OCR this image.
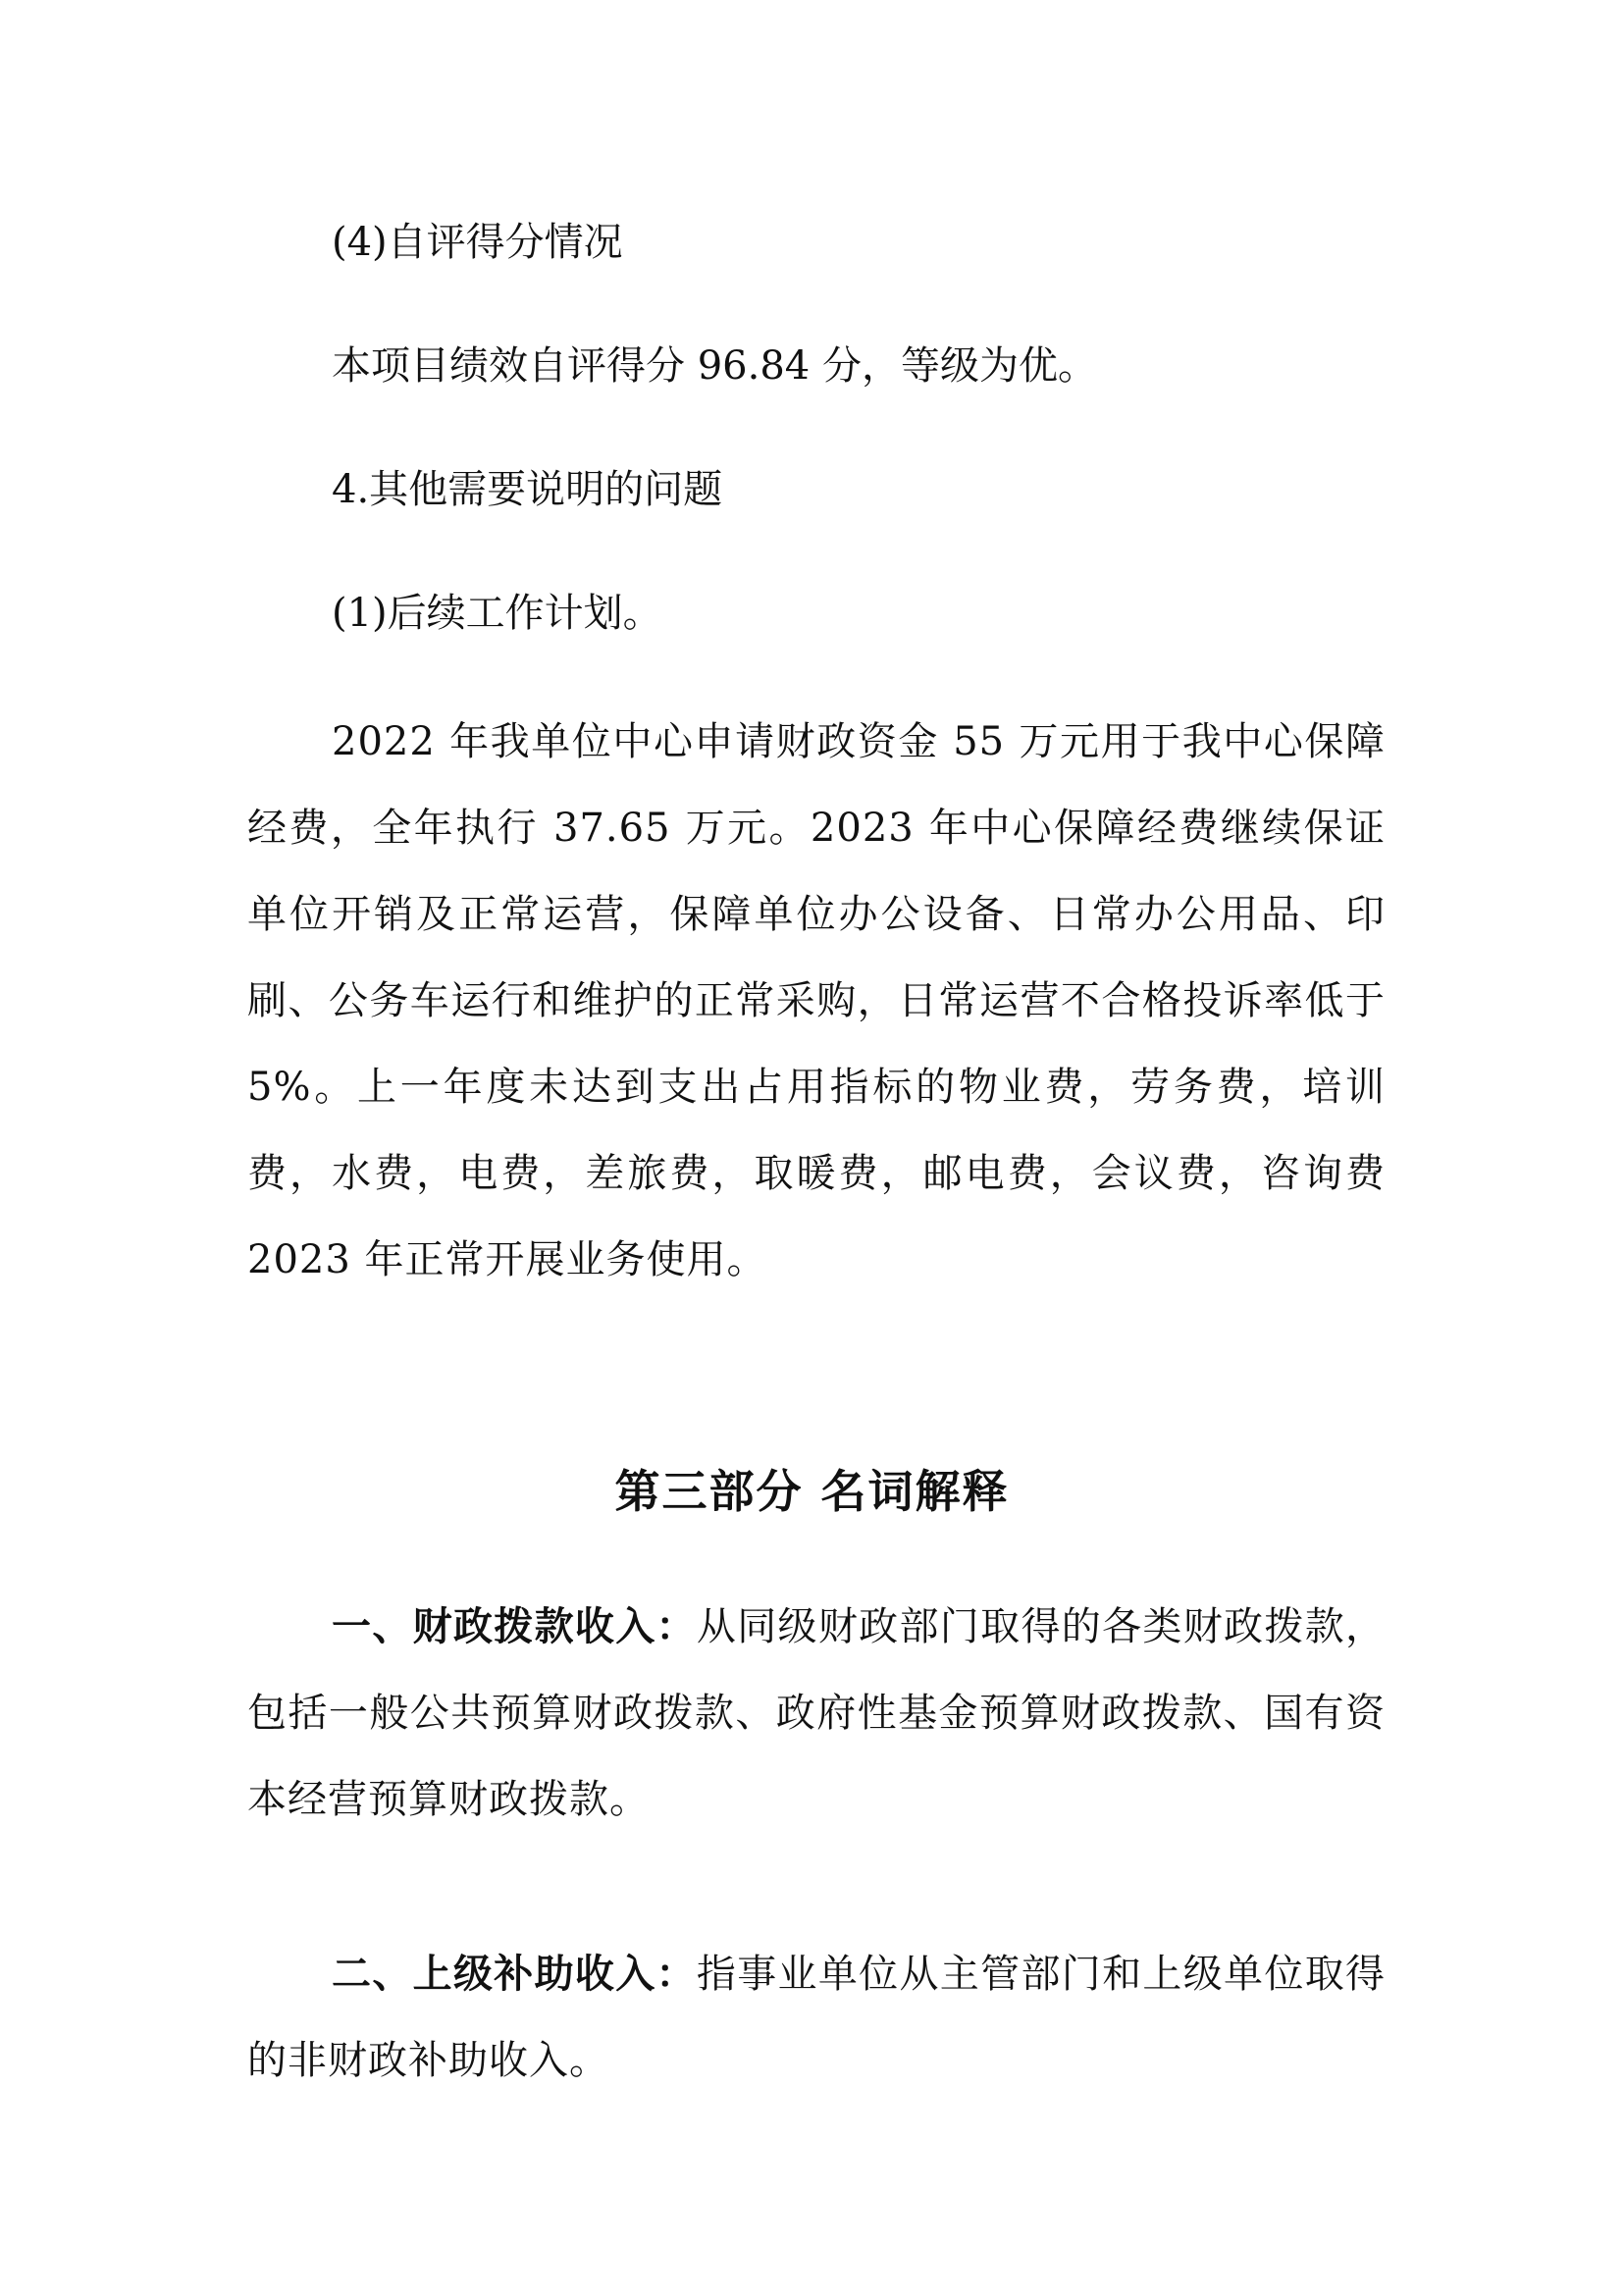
(4)自评得分情况
本项目绩效自评得分 96.84 分，等级为优。
4.其他需要说明的问题
(1)后续工作计划。
2022 年我单位中心申请财政资金 55 万元用于我中心保障经费，全年执行 37.65 万元。2023 年中心保障经费继续保证单位开销及正常运营，保障单位办公设备、日常办公用品、印刷、公务车运行和维护的正常采购，日常运营不合格投诉率低于 5%。上一年度未达到支出占用指标的物业费，劳务费，培训费，水费，电费，差旅费，取暖费，邮电费，会议费，咨询费 2023 年正常开展业务使用。
第三部分 名词解释
一、财政拨款收入：从同级财政部门取得的各类财政拨款，包括一般公共预算财政拨款、政府性基金预算财政拨款、国有资本经营预算财政拨款。
二、上级补助收入：指事业单位从主管部门和上级单位取得的非财政补助收入。
